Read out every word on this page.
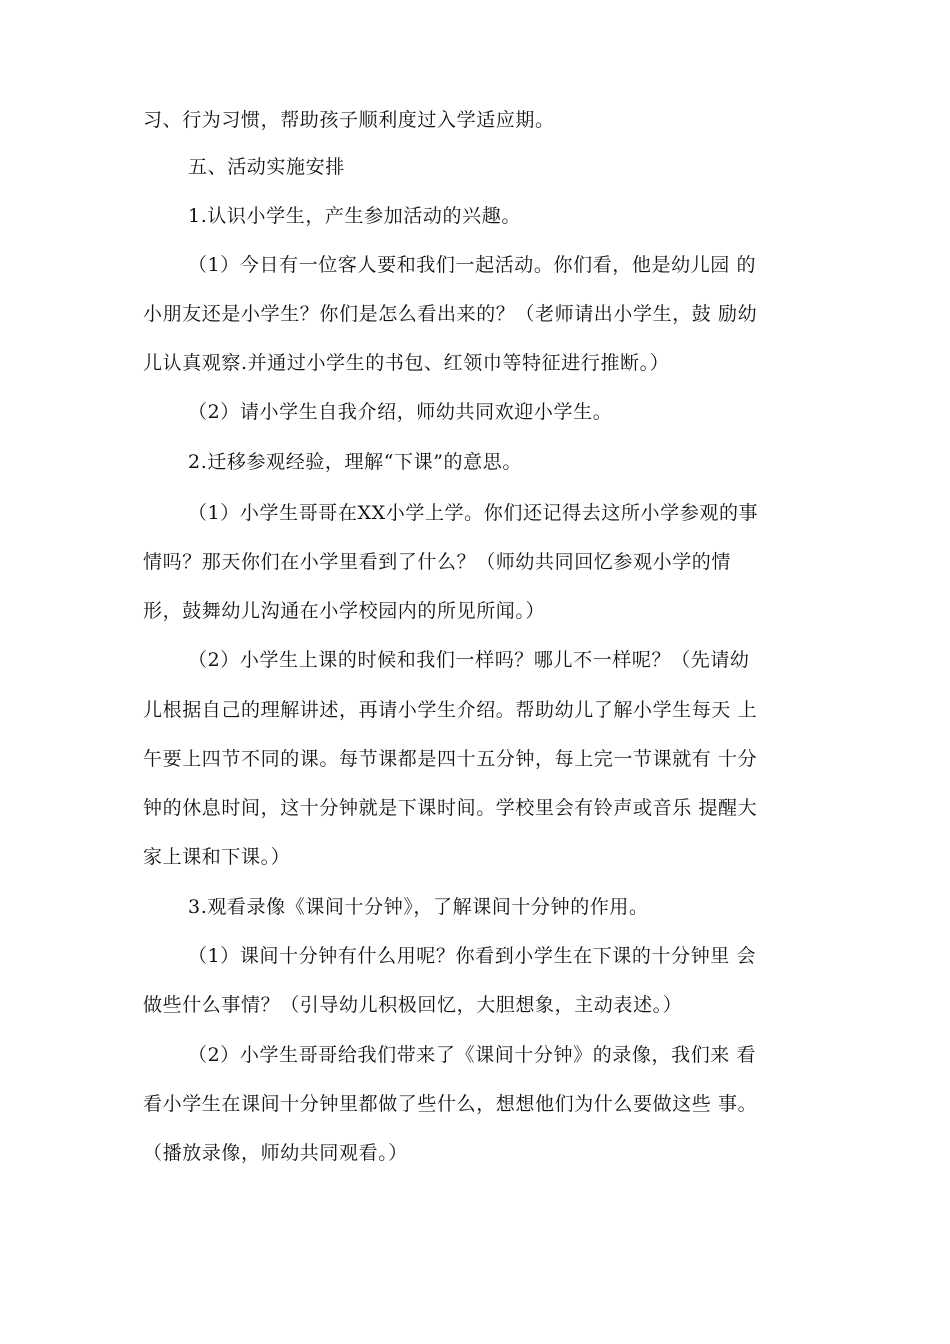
习、行为习惯，帮助孩子顺利度过入学适应期。
五、活动实施安排
1.认识小学生，产生参加活动的兴趣。
（1）今日有一位客人要和我们一起活动。你们看，他是幼儿园 的
小朋友还是小学生？你们是怎么看出来的？（老师请出小学生，鼓 励幼
儿认真观察.并通过小学生的书包、红领巾等特征进行推断。）
（2）请小学生自我介绍，师幼共同欢迎小学生。
2.迁移参观经验，理解“下课”的意思。
（1）小学生哥哥在XX小学上学。你们还记得去这所小学参观的事
情吗？那天你们在小学里看到了什么？（师幼共同回忆参观小学的情
形，鼓舞幼儿沟通在小学校园内的所见所闻。）
（2）小学生上课的时候和我们一样吗？哪儿不一样呢？（先请幼
儿根据自己的理解讲述，再请小学生介绍。帮助幼儿了解小学生每天 上
午要上四节不同的课。每节课都是四十五分钟，每上完一节课就有 十分
钟的休息时间，这十分钟就是下课时间。学校里会有铃声或音乐 提醒大
家上课和下课。）
3.观看录像《课间十分钟》，了解课间十分钟的作用。
（1）课间十分钟有什么用呢？你看到小学生在下课的十分钟里 会
做些什么事情？（引导幼儿积极回忆，大胆想象，主动表述。）
（2）小学生哥哥给我们带来了《课间十分钟》的录像，我们来 看
看小学生在课间十分钟里都做了些什么，想想他们为什么要做这些 事。
（播放录像，师幼共同观看。）
